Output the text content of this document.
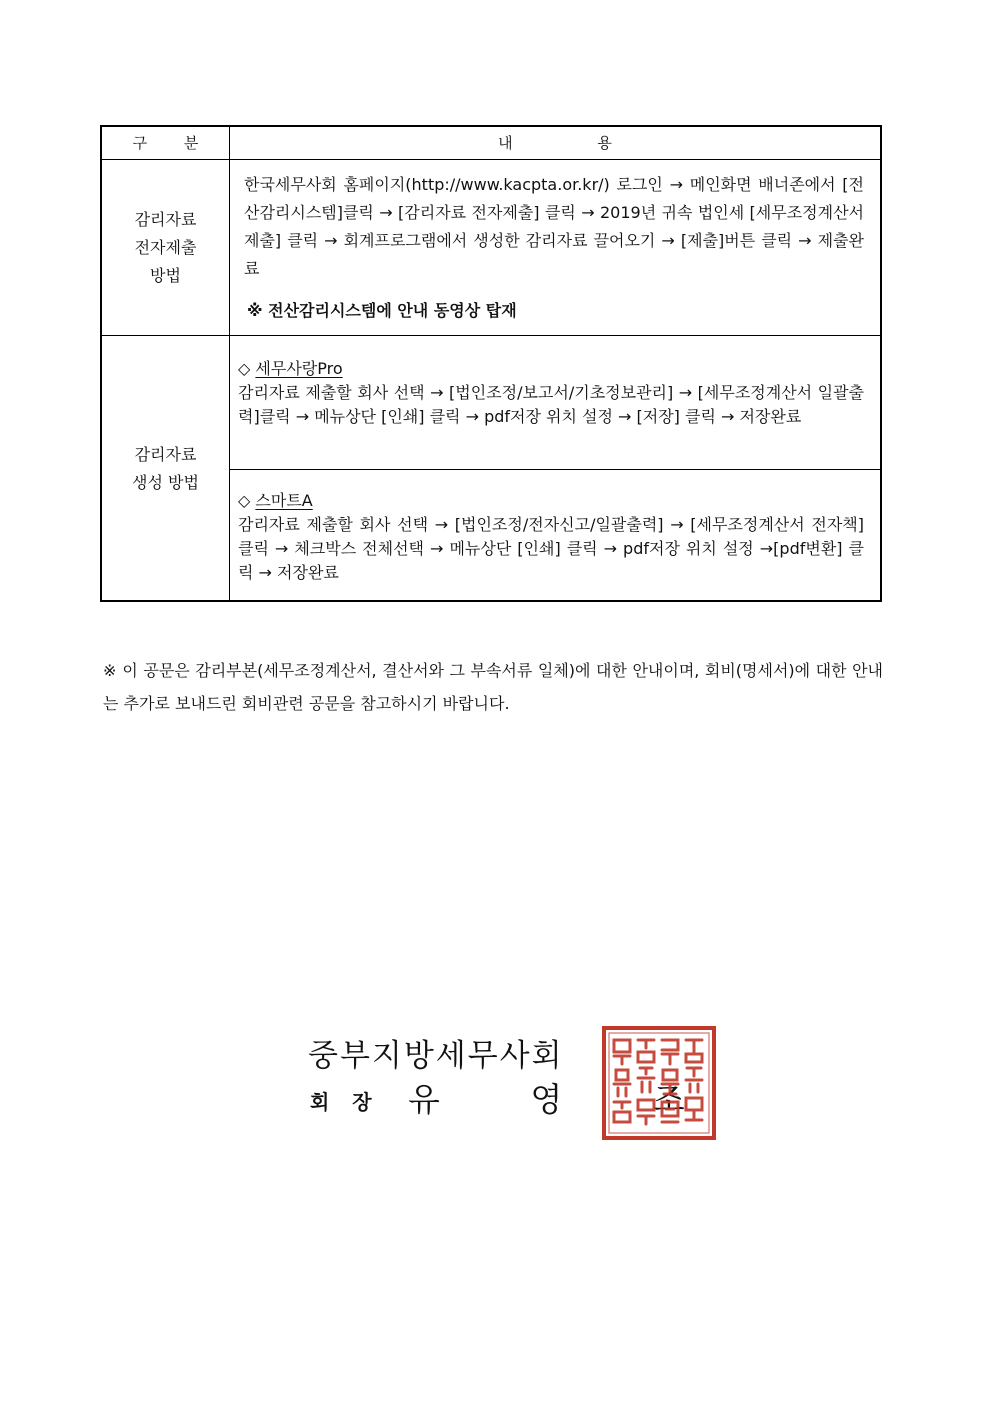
구 분	내 용
감리자료
전자제출
방법
한국세무사회 홈페이지(http://www.kacpta.or.kr/) 로그인 → 메인화면 배너존에서 [전산감리시스템]클릭 → [감리자료 전자제출] 클릭 → 2019년 귀속 법인세 [세무조정계산서 제출] 클릭 → 회계프로그램에서 생성한 감리자료 끌어오기 → [제출]버튼 클릭 → 제출완료
※ 전산감리시스템에 안내 동영상 탑재
감리자료
생성 방법
◇ 세무사랑Pro
감리자료 제출할 회사 선택 → [법인조정/보고서/기초정보관리] → [세무조정계산서 일괄출력]클릭 → 메뉴상단 [인쇄] 클릭 → pdf저장 위치 설정 → [저장] 클릭 → 저장완료
◇ 스마트A
감리자료 제출할 회사 선택 → [법인조정/전자신고/일괄출력] → [세무조정계산서 전자책] 클릭 → 체크박스 전체선택 → 메뉴상단 [인쇄] 클릭 → pdf저장 위치 설정 →[pdf변환] 클릭 → 저장완료
※ 이 공문은 감리부본(세무조정계산서, 결산서와 그 부속서류 일체)에 대한 안내이며, 회비(명세서)에 대한 안내는 추가로 보내드린 회비관련 공문을 참고하시기 바랍니다.
중부지방세무사회
회 장 유 영 조
